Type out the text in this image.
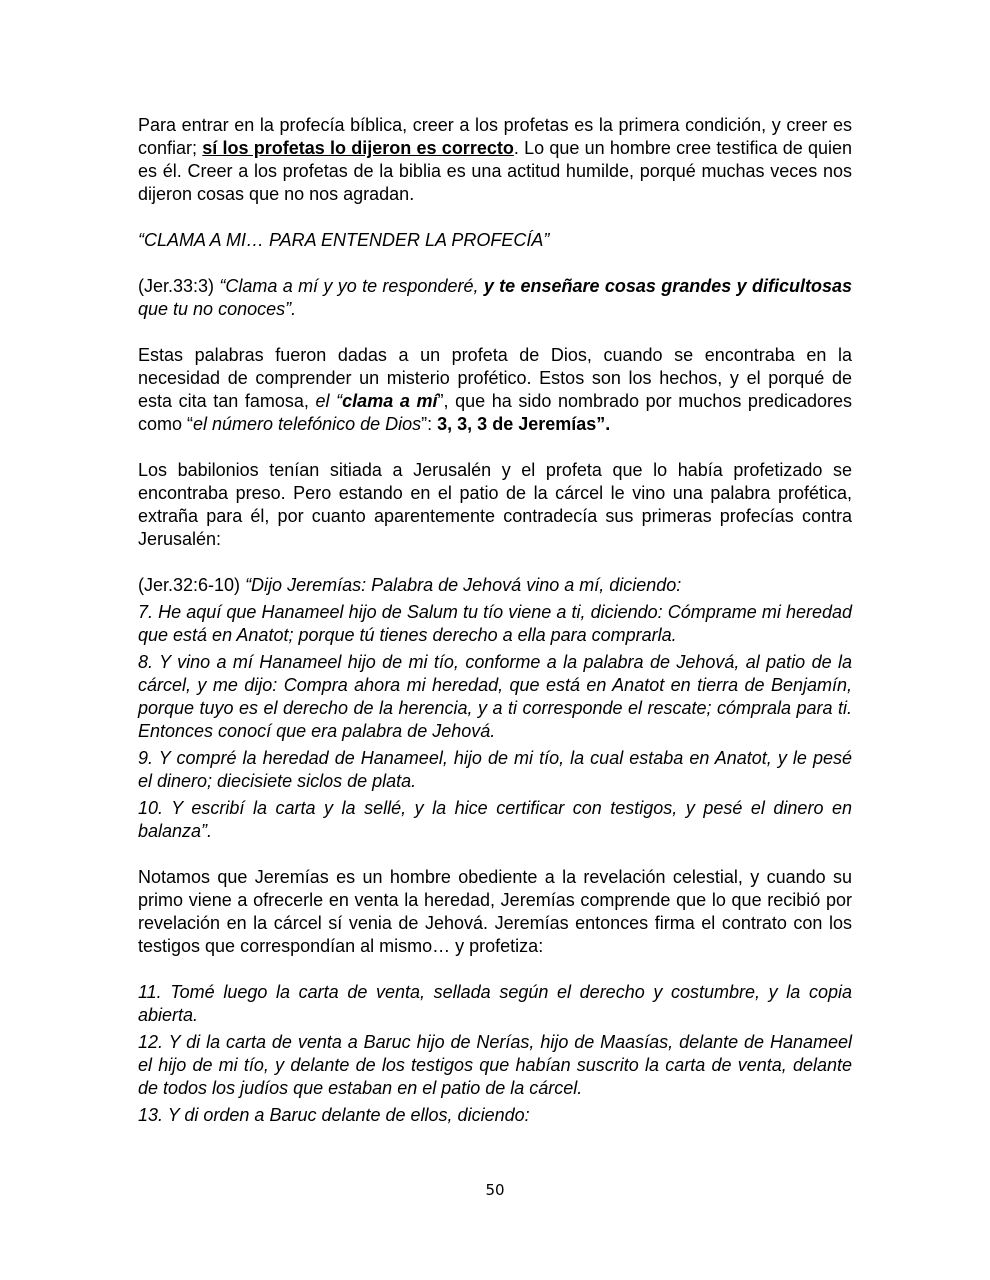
Para entrar en la profecía bíblica, creer a los profetas es la primera condición, y creer es confiar; sí los profetas lo dijeron es correcto. Lo que un hombre cree testifica de quien es él. Creer a los profetas de la biblia es una actitud humilde, porqué muchas veces nos dijeron cosas que no nos agradan.

“CLAMA A MI… PARA ENTENDER LA PROFECÍA”

(Jer.33:3) “Clama a mí y yo te responderé, y te enseñare cosas grandes y dificultosas que tu no conoces”.

Estas palabras fueron dadas a un profeta de Dios, cuando se encontraba en la necesidad de comprender un misterio profético. Estos son los hechos, y el porqué de esta cita tan famosa, el “clama a mí”, que ha sido nombrado por muchos predicadores como “el número telefónico de Dios”: 3, 3, 3 de Jeremías”.

Los babilonios tenían sitiada a Jerusalén y el profeta que lo había profetizado se encontraba preso. Pero estando en el patio de la cárcel le vino una palabra profética, extraña para él, por cuanto aparentemente contradecía sus primeras profecías contra Jerusalén:

(Jer.32:6-10) “Dijo Jeremías: Palabra de Jehová vino a mí, diciendo:

7. He aquí que Hanameel hijo de Salum tu tío viene a ti, diciendo: Cómprame mi heredad que está en Anatot; porque tú tienes derecho a ella para comprarla.

8. Y vino a mí Hanameel hijo de mi tío, conforme a la palabra de Jehová, al patio de la cárcel, y me dijo: Compra ahora mi heredad, que está en Anatot en tierra de Benjamín, porque tuyo es el derecho de la herencia, y a ti corresponde el rescate; cómprala para ti. Entonces conocí que era palabra de Jehová.

9. Y compré la heredad de Hanameel, hijo de mi tío, la cual estaba en Anatot, y le pesé el dinero; diecisiete siclos de plata.

10. Y escribí la carta y la sellé, y la hice certificar con testigos, y pesé el dinero en balanza”.

Notamos que Jeremías es un hombre obediente a la revelación celestial, y cuando su primo viene a ofrecerle en venta la heredad, Jeremías comprende que lo que recibió por revelación en la cárcel sí venia de Jehová. Jeremías entonces firma el contrato con los testigos que correspondían al mismo… y profetiza:

11. Tomé luego la carta de venta, sellada según el derecho y costumbre, y la copia abierta.

12. Y di la carta de venta a Baruc hijo de Nerías, hijo de Maasías, delante de Hanameel el hijo de mi tío, y delante de los testigos que habían suscrito la carta de venta, delante de todos los judíos que estaban en el patio de la cárcel.

13. Y di orden a Baruc delante de ellos, diciendo:

50
